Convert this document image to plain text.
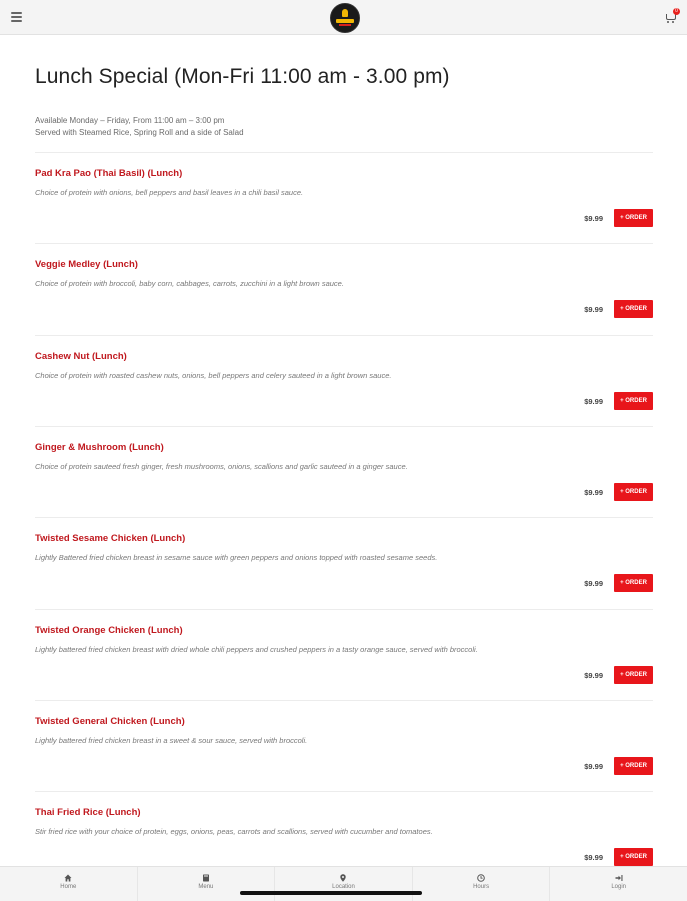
0
Lunch Special (Mon-Fri 11:00 am - 3.00 pm)
Available Monday – Friday, From 11:00 am – 3:00 pm
Served with Steamed Rice, Spring Roll and a side of Salad
Pad Kra Pao (Thai Basil) (Lunch)
Choice of protein with onions, bell peppers and basil leaves in a chili basil sauce.
$9.99	+ ORDER
Veggie Medley (Lunch)
Choice of protein with broccoli, baby corn, cabbages, carrots, zucchini in a light brown sauce.
$9.99	+ ORDER
Cashew Nut (Lunch)
Choice of protein with roasted cashew nuts, onions, bell peppers and celery sauteed in a light brown sauce.
$9.99	+ ORDER
Ginger & Mushroom (Lunch)
Choice of protein sauteed fresh ginger, fresh mushrooms, onions, scallions and garlic sauteed in a ginger sauce.
$9.99	+ ORDER
Twisted Sesame Chicken (Lunch)
Lightly Battered fried chicken breast in sesame sauce with green peppers and onions topped with roasted sesame seeds.
$9.99	+ ORDER
Twisted Orange Chicken (Lunch)
Lightly battered fried chicken breast with dried whole chili peppers and crushed peppers in a tasty orange sauce, served with broccoli.
$9.99	+ ORDER
Twisted General Chicken (Lunch)
Lightly battered fried chicken breast in a sweet & sour sauce, served with broccoli.
$9.99	+ ORDER
Thai Fried Rice (Lunch)
Stir fried rice with your choice of protein, eggs, onions, peas, carrots and scallions, served with cucumber and tomatoes.
$9.99	+ ORDER
Home	Menu	Location	Hours	Login
